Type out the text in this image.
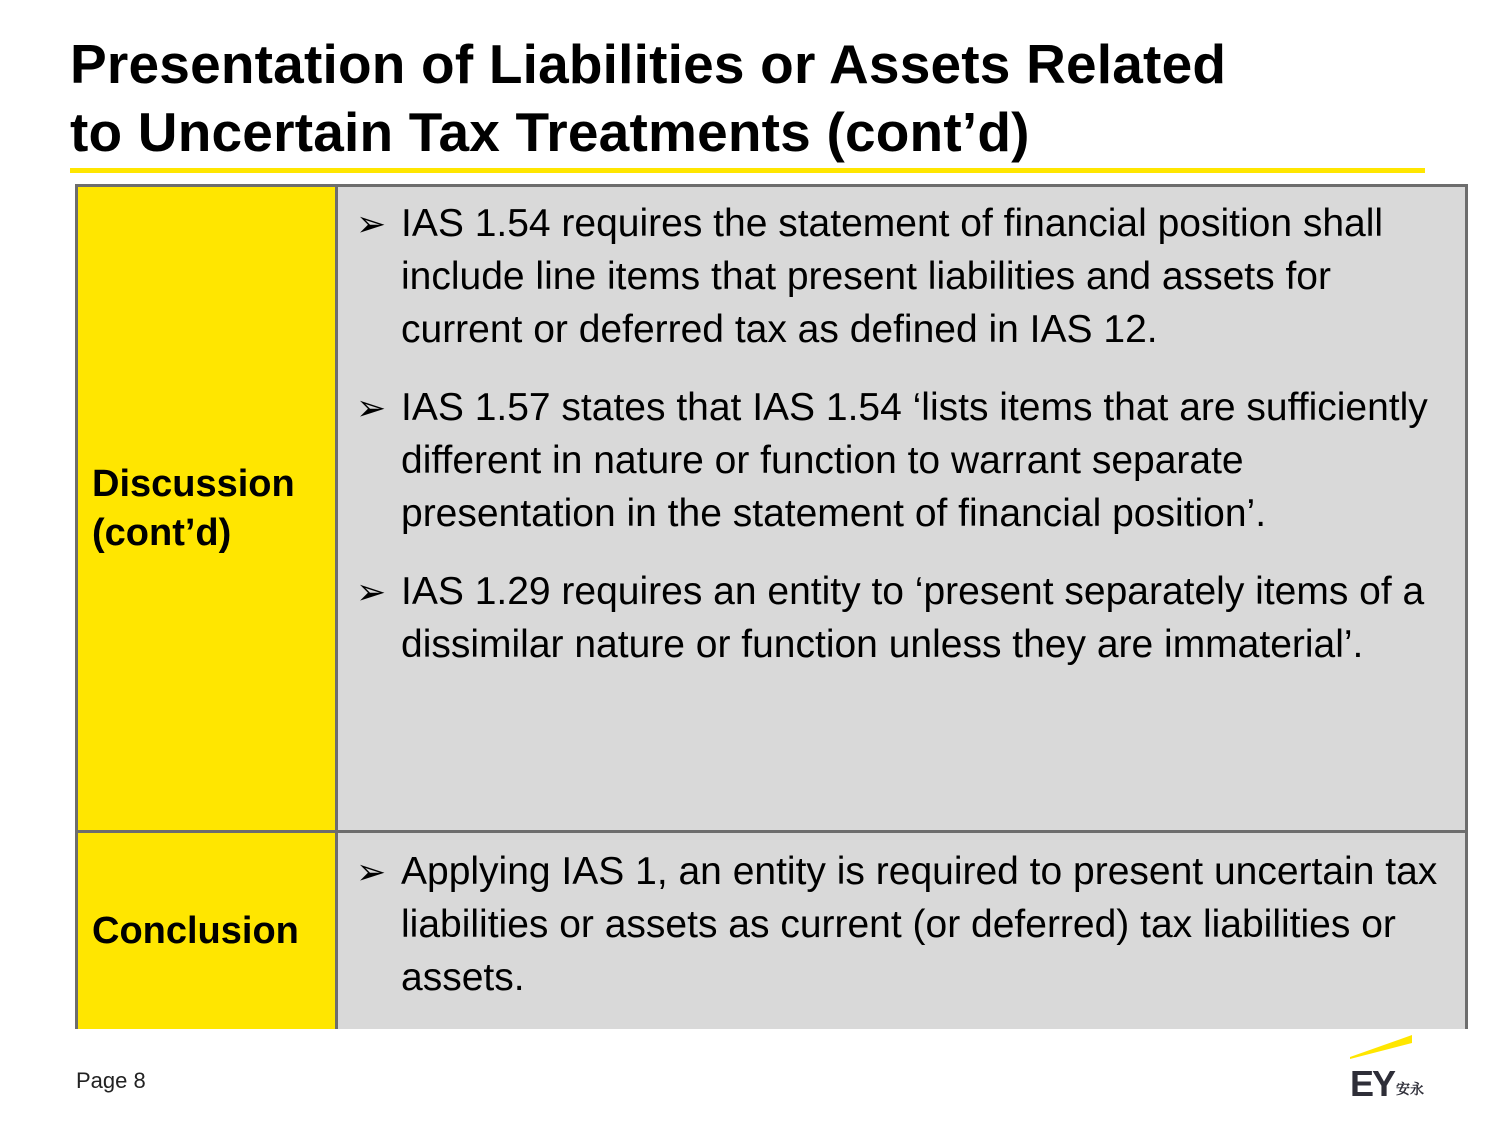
Presentation of Liabilities or Assets Related
to Uncertain Tax Treatments (cont’d)
Discussion
(cont’d)
➢ IAS 1.54 requires the statement of financial position shall include line items that present liabilities and assets for current or deferred tax as defined in IAS 12.
➢ IAS 1.57 states that IAS 1.54 ‘lists items that are sufficiently different in nature or function to warrant separate presentation in the statement of financial position’.
➢ IAS 1.29 requires an entity to ‘present separately items of a dissimilar nature or function unless they are immaterial’.
Conclusion
➢ Applying IAS 1, an entity is required to present uncertain tax liabilities or assets as current (or deferred) tax liabilities or assets.
Page 8	EY 安永
